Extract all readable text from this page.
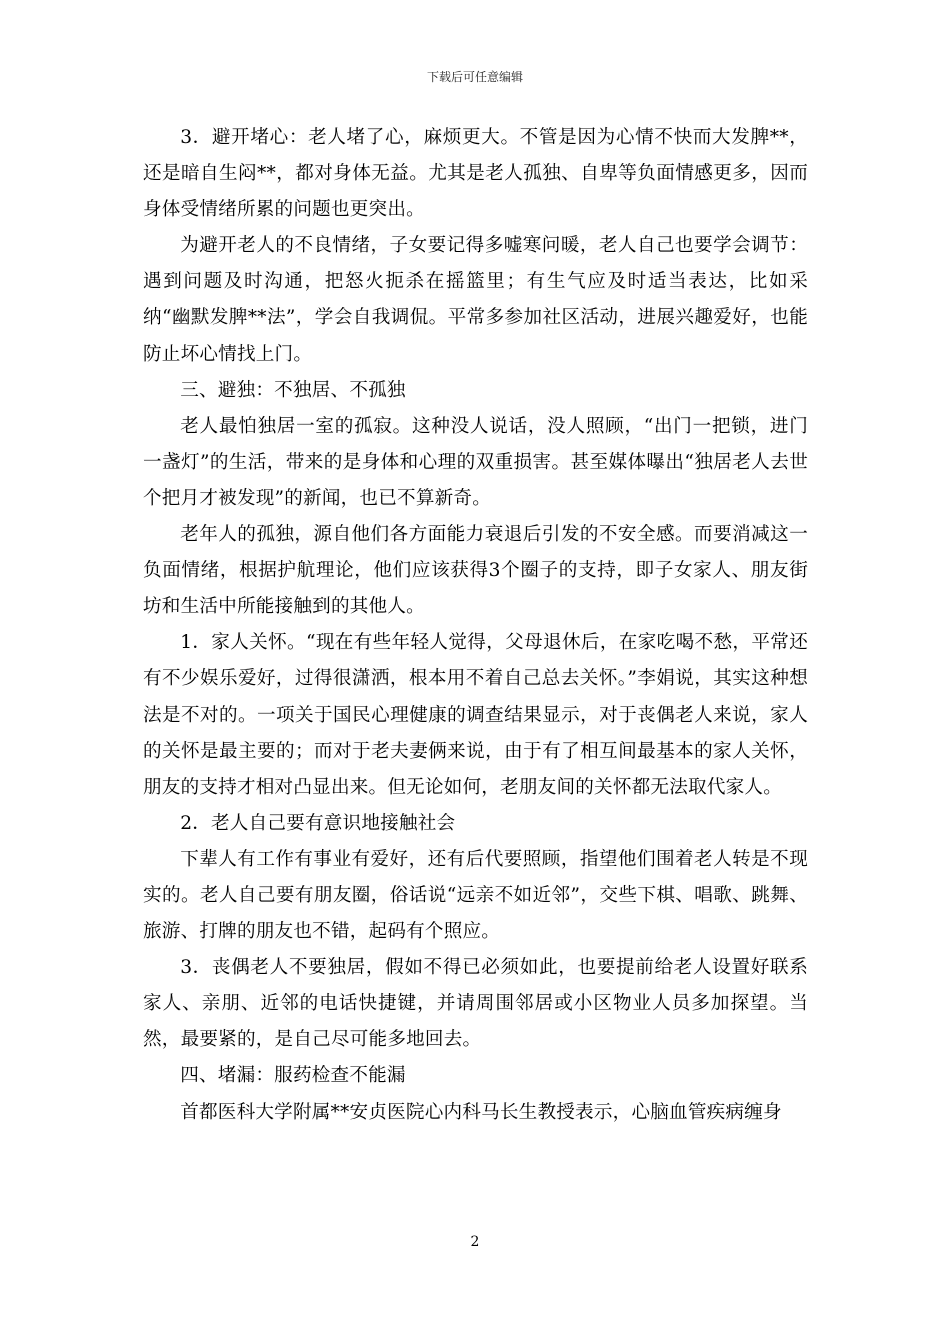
下载后可任意编辑

3．避开堵心：老人堵了心，麻烦更大。不管是因为心情不快而大发脾**，还是暗自生闷**，都对身体无益。尤其是老人孤独、自卑等负面情感更多，因而身体受情绪所累的问题也更突出。

为避开老人的不良情绪，子女要记得多嘘寒问暖，老人自己也要学会调节：遇到问题及时沟通，把怒火扼杀在摇篮里；有生气应及时适当表达，比如采纳“幽默发脾**法”，学会自我调侃。平常多参加社区活动，进展兴趣爱好，也能防止坏心情找上门。

三、避独：不独居、不孤独

老人最怕独居一室的孤寂。这种没人说话，没人照顾，“出门一把锁，进门一盏灯”的生活，带来的是身体和心理的双重损害。甚至媒体曝出“独居老人去世个把月才被发现”的新闻，也已不算新奇。

老年人的孤独，源自他们各方面能力衰退后引发的不安全感。而要消减这一负面情绪，根据护航理论，他们应该获得3个圈子的支持，即子女家人、朋友街坊和生活中所能接触到的其他人。

1．家人关怀。“现在有些年轻人觉得，父母退休后，在家吃喝不愁，平常还有不少娱乐爱好，过得很潇洒，根本用不着自己总去关怀。”李娟说，其实这种想法是不对的。一项关于国民心理健康的调查结果显示，对于丧偶老人来说，家人的关怀是最主要的；而对于老夫妻俩来说，由于有了相互间最基本的家人关怀，朋友的支持才相对凸显出来。但无论如何，老朋友间的关怀都无法取代家人。

2．老人自己要有意识地接触社会

下辈人有工作有事业有爱好，还有后代要照顾，指望他们围着老人转是不现实的。老人自己要有朋友圈，俗话说“远亲不如近邻”，交些下棋、唱歌、跳舞、旅游、打牌的朋友也不错，起码有个照应。

3．丧偶老人不要独居，假如不得已必须如此，也要提前给老人设置好联系家人、亲朋、近邻的电话快捷键，并请周围邻居或小区物业人员多加探望。当然，最要紧的，是自己尽可能多地回去。

四、堵漏：服药检查不能漏

首都医科大学附属**安贞医院心内科马长生教授表示，心脑血管疾病缠身

2
